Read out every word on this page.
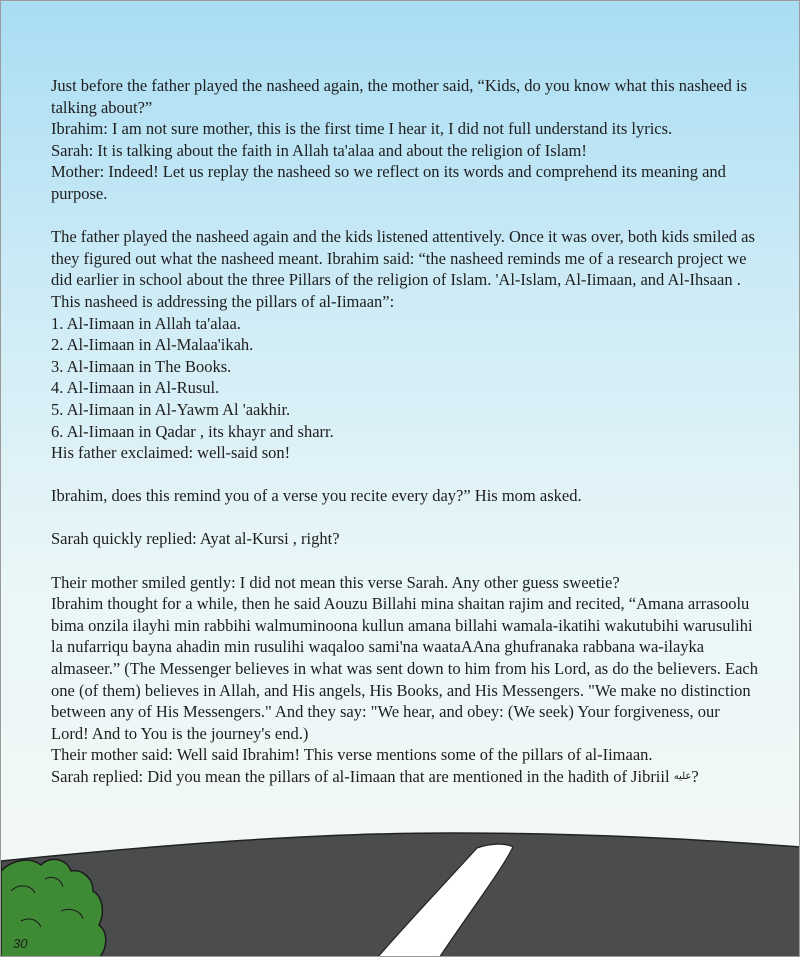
Just before the father played the nasheed again, the mother said, “Kids, do you know what this nasheed is talking about?”

Ibrahim: I am not sure mother, this is the first time I hear it, I did not full understand its lyrics.

Sarah: It is talking about the faith in Allah ta'alaa and about the religion of Islam!

Mother: Indeed! Let us replay the nasheed so we reflect on its words and comprehend its meaning and purpose.

The father played the nasheed again and the kids listened attentively. Once it was over, both kids smiled as they figured out what the nasheed meant. Ibrahim said: “the nasheed reminds me of a research project we did earlier in school about the three Pillars of the religion of Islam. 'Al-Islam, Al-Iimaan, and Al-Ihsaan . This nasheed is addressing the pillars of al-Iimaan”:

1. Al-Iimaan in Allah ta'alaa.
2. Al-Iimaan in Al-Malaa'ikah.
3. Al-Iimaan in The Books.
4. Al-Iimaan in Al-Rusul.
5. Al-Iimaan in Al-Yawm Al 'aakhir.
6. Al-Iimaan in Qadar , its khayr and sharr.

His father exclaimed: well-said son!

Ibrahim, does this remind you of a verse you recite every day?” His mom asked.

Sarah quickly replied: Ayat al-Kursi , right?

Their mother smiled gently: I did not mean this verse Sarah. Any other guess sweetie?

Ibrahim thought for a while, then he said Aouzu Billahi mina shaitan rajim and recited, “Amana arrasoolu bima onzila ilayhi min rabbihi walmuminoona kullun amana billahi wamala-ikatihi wakutubihi warusulihi la nufarriqu bayna ahadin min rusulihi waqaloo sami'na waataAAna ghufranaka rabbana wa-ilayka almaseer.” (The Messenger believes in what was sent down to him from his Lord, as do the believers. Each one (of them) believes in Allah, and His angels, His Books, and His Messengers. "We make no distinction between any of His Messengers." And they say: "We hear, and obey: (We seek) Your forgiveness, our Lord! And to You is the journey's end.)

Their mother said: Well said Ibrahim! This verse mentions some of the pillars of al-Iimaan.

Sarah replied: Did you mean the pillars of al-Iimaan that are mentioned in the hadith of Jibriil عليه?

30
